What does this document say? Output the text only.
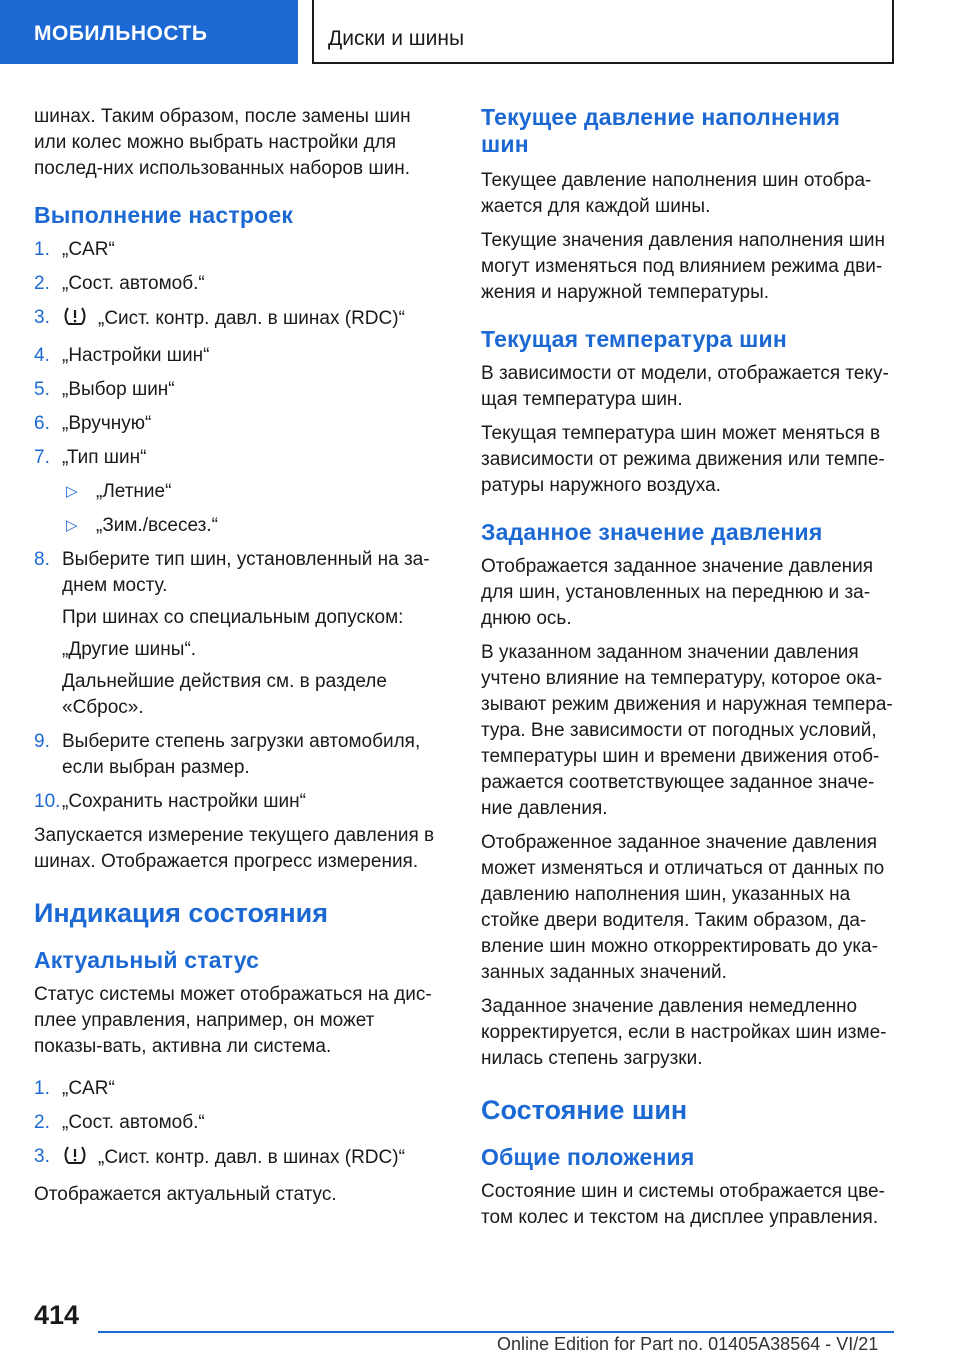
МОБИЛЬНОСТЬ	Диски и шины

шинах. Таким образом, после замены шин или колес можно выбрать настройки для послед-них использованных наборов шин.

Выполнение настроек
1. „CAR“
2. „Сост. автомоб.“
3.	„Сист. контр. давл. в шинах (RDC)“
4. „Настройки шин“
5. „Выбор шин“
6. „Вручную“
7. „Тип шин“
▷ „Летние“
▷ „Зим./всесез.“
8. Выберите тип шин, установленный на за-днем мосту.
При шинах со специальным допуском:
„Другие шины“.
Дальнейшие действия см. в разделе «Сброс».
9. Выберите степень загрузки автомобиля, если выбран размер.
10. „Сохранить настройки шин“

Запускается измерение текущего давления в шинах. Отображается прогресс измерения.

Индикация состояния
Актуальный статус

Статус системы может отображаться на дис-плее управления, например, он может показы-вать, активна ли система.

1. „CAR“
2. „Сост. автомоб.“
3.	„Сист. контр. давл. в шинах (RDC)“

Отображается актуальный статус.

Текущее давление наполнения шин

Текущее давление наполнения шин отобра-жается для каждой шины.

Текущие значения давления наполнения шин могут изменяться под влиянием режима дви-жения и наружной температуры.

Текущая температура шин

В зависимости от модели, отображается теку-щая температура шин.

Текущая температура шин может меняться в зависимости от режима движения или темпе-ратуры наружного воздуха.

Заданное значение давления

Отображается заданное значение давления для шин, установленных на переднюю и за-днюю ось.

В указанном заданном значении давления учтено влияние на температуру, которое ока-зывают режим движения и наружная темпера-тура. Вне зависимости от погодных условий, температуры шин и времени движения отоб-ражается соответствующее заданное значе-ние давления.

Отображенное заданное значение давления может изменяться и отличаться от данных по давлению наполнения шин, указанных на стойке двери водителя. Таким образом, да-вление шин можно откорректировать до ука-занных заданных значений.

Заданное значение давления немедленно корректируется, если в настройках шин изме-нилась степень загрузки.

Состояние шин
Общие положения

Состояние шин и системы отображается цве-том колес и текстом на дисплее управления.

414
Online Edition for Part no. 01405A38564 - VI/21
